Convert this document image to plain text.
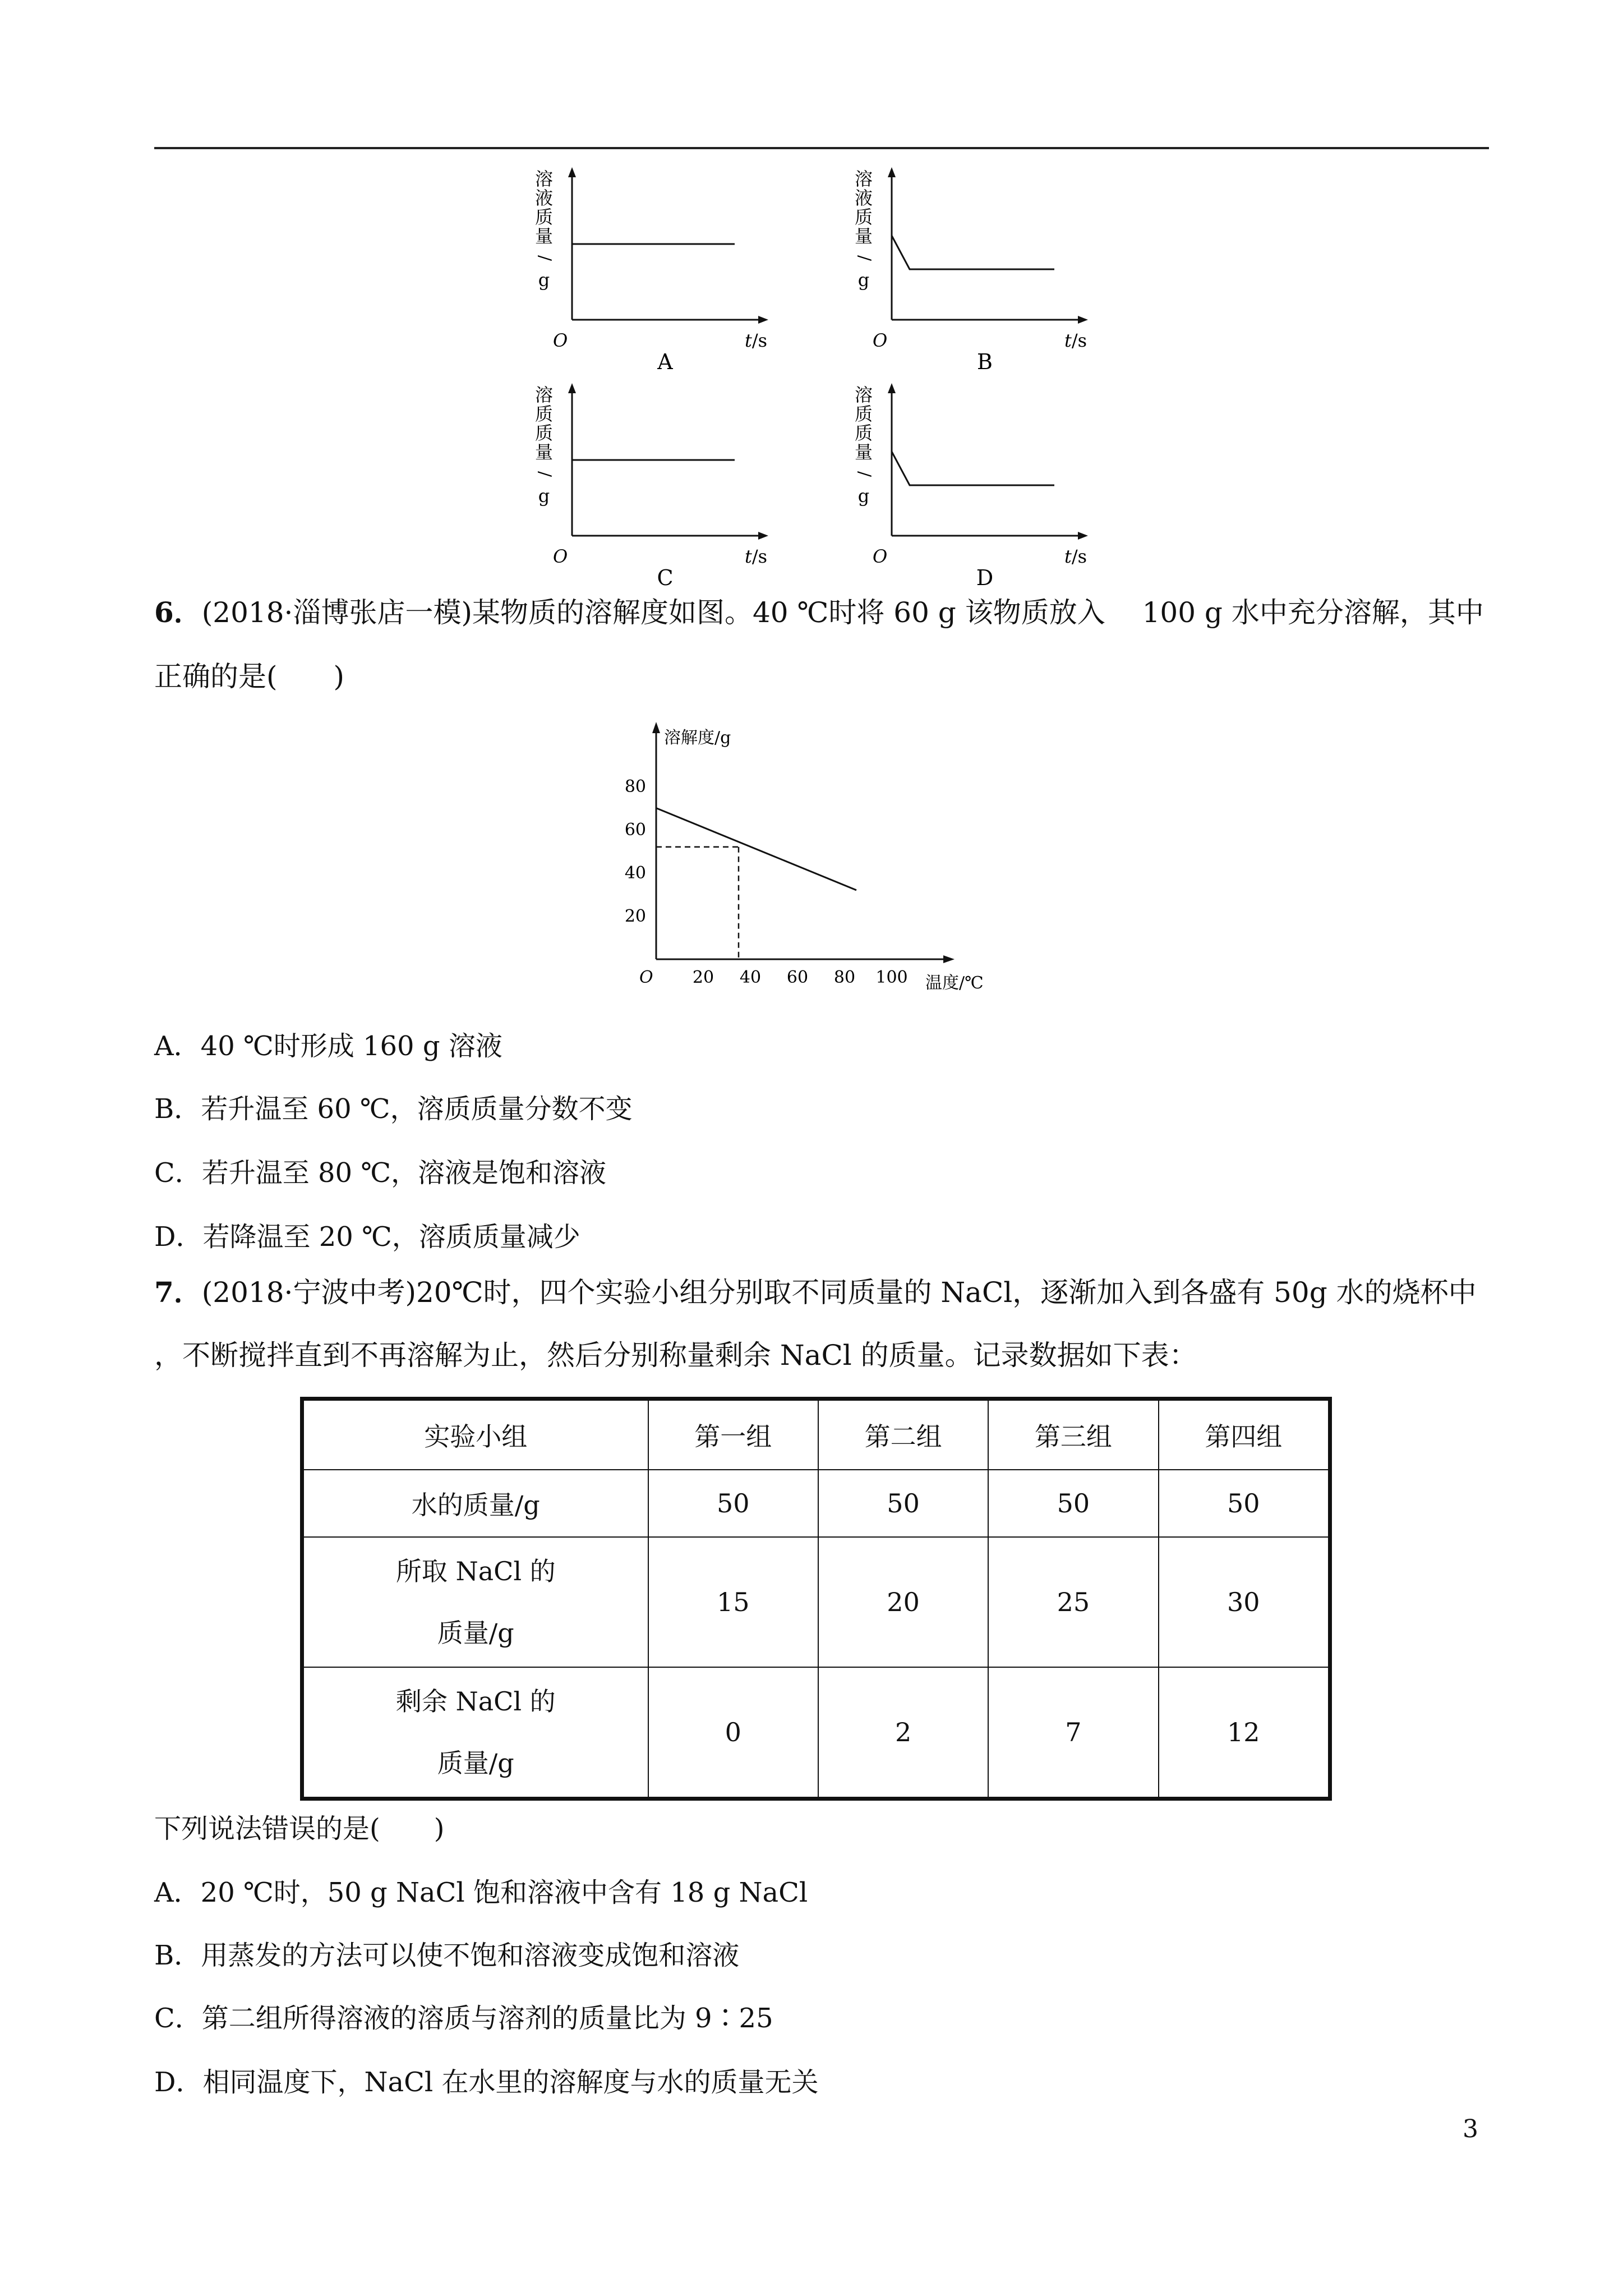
溶
液
质
量
/
g
O	t/s
A
溶
液
质
量
/
g
O	t/s
B
溶
质
质
量
/
g
O	t/s
C
溶
质
质
量
/
g
O	t/s
D
6．(2018·淄博张店一模)某物质的溶解度如图。40 ℃时将 60 g 该物质放入　 100 g 水中充分溶解，其中
正确的是(　　)
溶解度/g
温度/℃
O
20
40
60
80
20 40 60 80 100
A．40 ℃时形成 160 g 溶液
B．若升温至 60 ℃，溶质质量分数不变
C．若升温至 80 ℃，溶液是饱和溶液
D．若降温至 20 ℃，溶质质量减少
7．(2018·宁波中考)20℃时，四个实验小组分别取不同质量的 NaCl，逐渐加入到各盛有 50g 水的烧杯中
，不断搅拌直到不再溶解为止，然后分别称量剩余 NaCl 的质量。记录数据如下表：
实验小组	第一组	第二组	第三组	第四组
水的质量/g	50	50	50	50

所取 NaCl 的
质量/g	15	20	25	30

剩余 NaCl 的
质量/g	0	2	7	12
下列说法错误的是(　　)
A．20 ℃时，50 g NaCl 饱和溶液中含有 18 g NaCl
B．用蒸发的方法可以使不饱和溶液变成饱和溶液
C．第二组所得溶液的溶质与溶剂的质量比为 9∶25
D．相同温度下，NaCl 在水里的溶解度与水的质量无关
3
